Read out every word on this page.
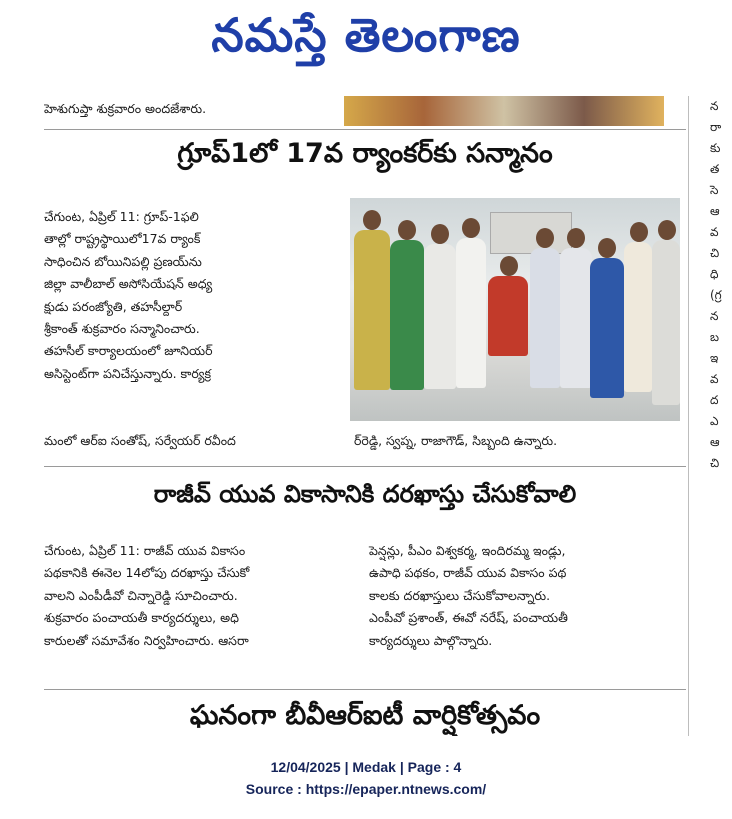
నమస్తే తెలంగాణ
న
రా
కు
త
సె
ఆ
వ
చి
ధి
(గ్ర
న
బ
ఇ
వ
ద
ఎ
ఆ
చి
హెశుగుప్తా శుక్రవారం అందజేశారు.
గ్రూప్1లో 17వ ర్యాంకర్‌కు సన్మానం
చేగుంట, ఏప్రిల్ 11: గ్రూప్-1ఫలి
తాల్లో రాష్ట్రస్థాయిలో17వ ర్యాంక్
సాధించిన బోయినిపల్లి ప్రణయ్‌ను
జిల్లా వాలీబాల్ అసోసియేషన్ అధ్య
క్షుడు పరంజ్యోతి, తహసీల్దార్
శ్రీకాంత్ శుక్రవారం సన్మానించారు.
తహసీల్ కార్యాలయంలో జూనియర్
అసిస్టెంట్‌గా పనిచేస్తున్నారు. కార్యక్ర
మంలో ఆర్ఐ సంతోష్, సర్వేయర్ రవీంద	ర్‌రెడ్డి, స్వప్న, రాజాగౌడ్, సిబ్బంది ఉన్నారు.
రాజీవ్ యువ వికాసానికి దరఖాస్తు చేసుకోవాలి
చేగుంట, ఏప్రిల్ 11: రాజీవ్ యువ వికాసం
పథకానికి ఈనెల 14లోపు దరఖాస్తు చేసుకో
వాలని ఎంపీడీవో చిన్నారెడ్డి సూచించారు.
శుక్రవారం పంచాయతీ కార్యదర్శులు, అధి
కారులతో సమావేశం నిర్వహించారు. ఆసరా
పెన్షన్లు, పీఎం విశ్వకర్మ, ఇందిరమ్మ ఇండ్లు,
ఉపాధి పథకం, రాజీవ్ యువ వికాసం పథ
కాలకు దరఖాస్తులు చేసుకోవాలన్నారు.
ఎంపీవో ప్రశాంత్, ఈవో నరేష్, పంచాయతీ
కార్యదర్శులు పాల్గొన్నారు.
ఘనంగా బీవీఆర్ఐటీ వార్షికోత్సవం
12/04/2025 | Medak | Page : 4
Source : https://epaper.ntnews.com/
